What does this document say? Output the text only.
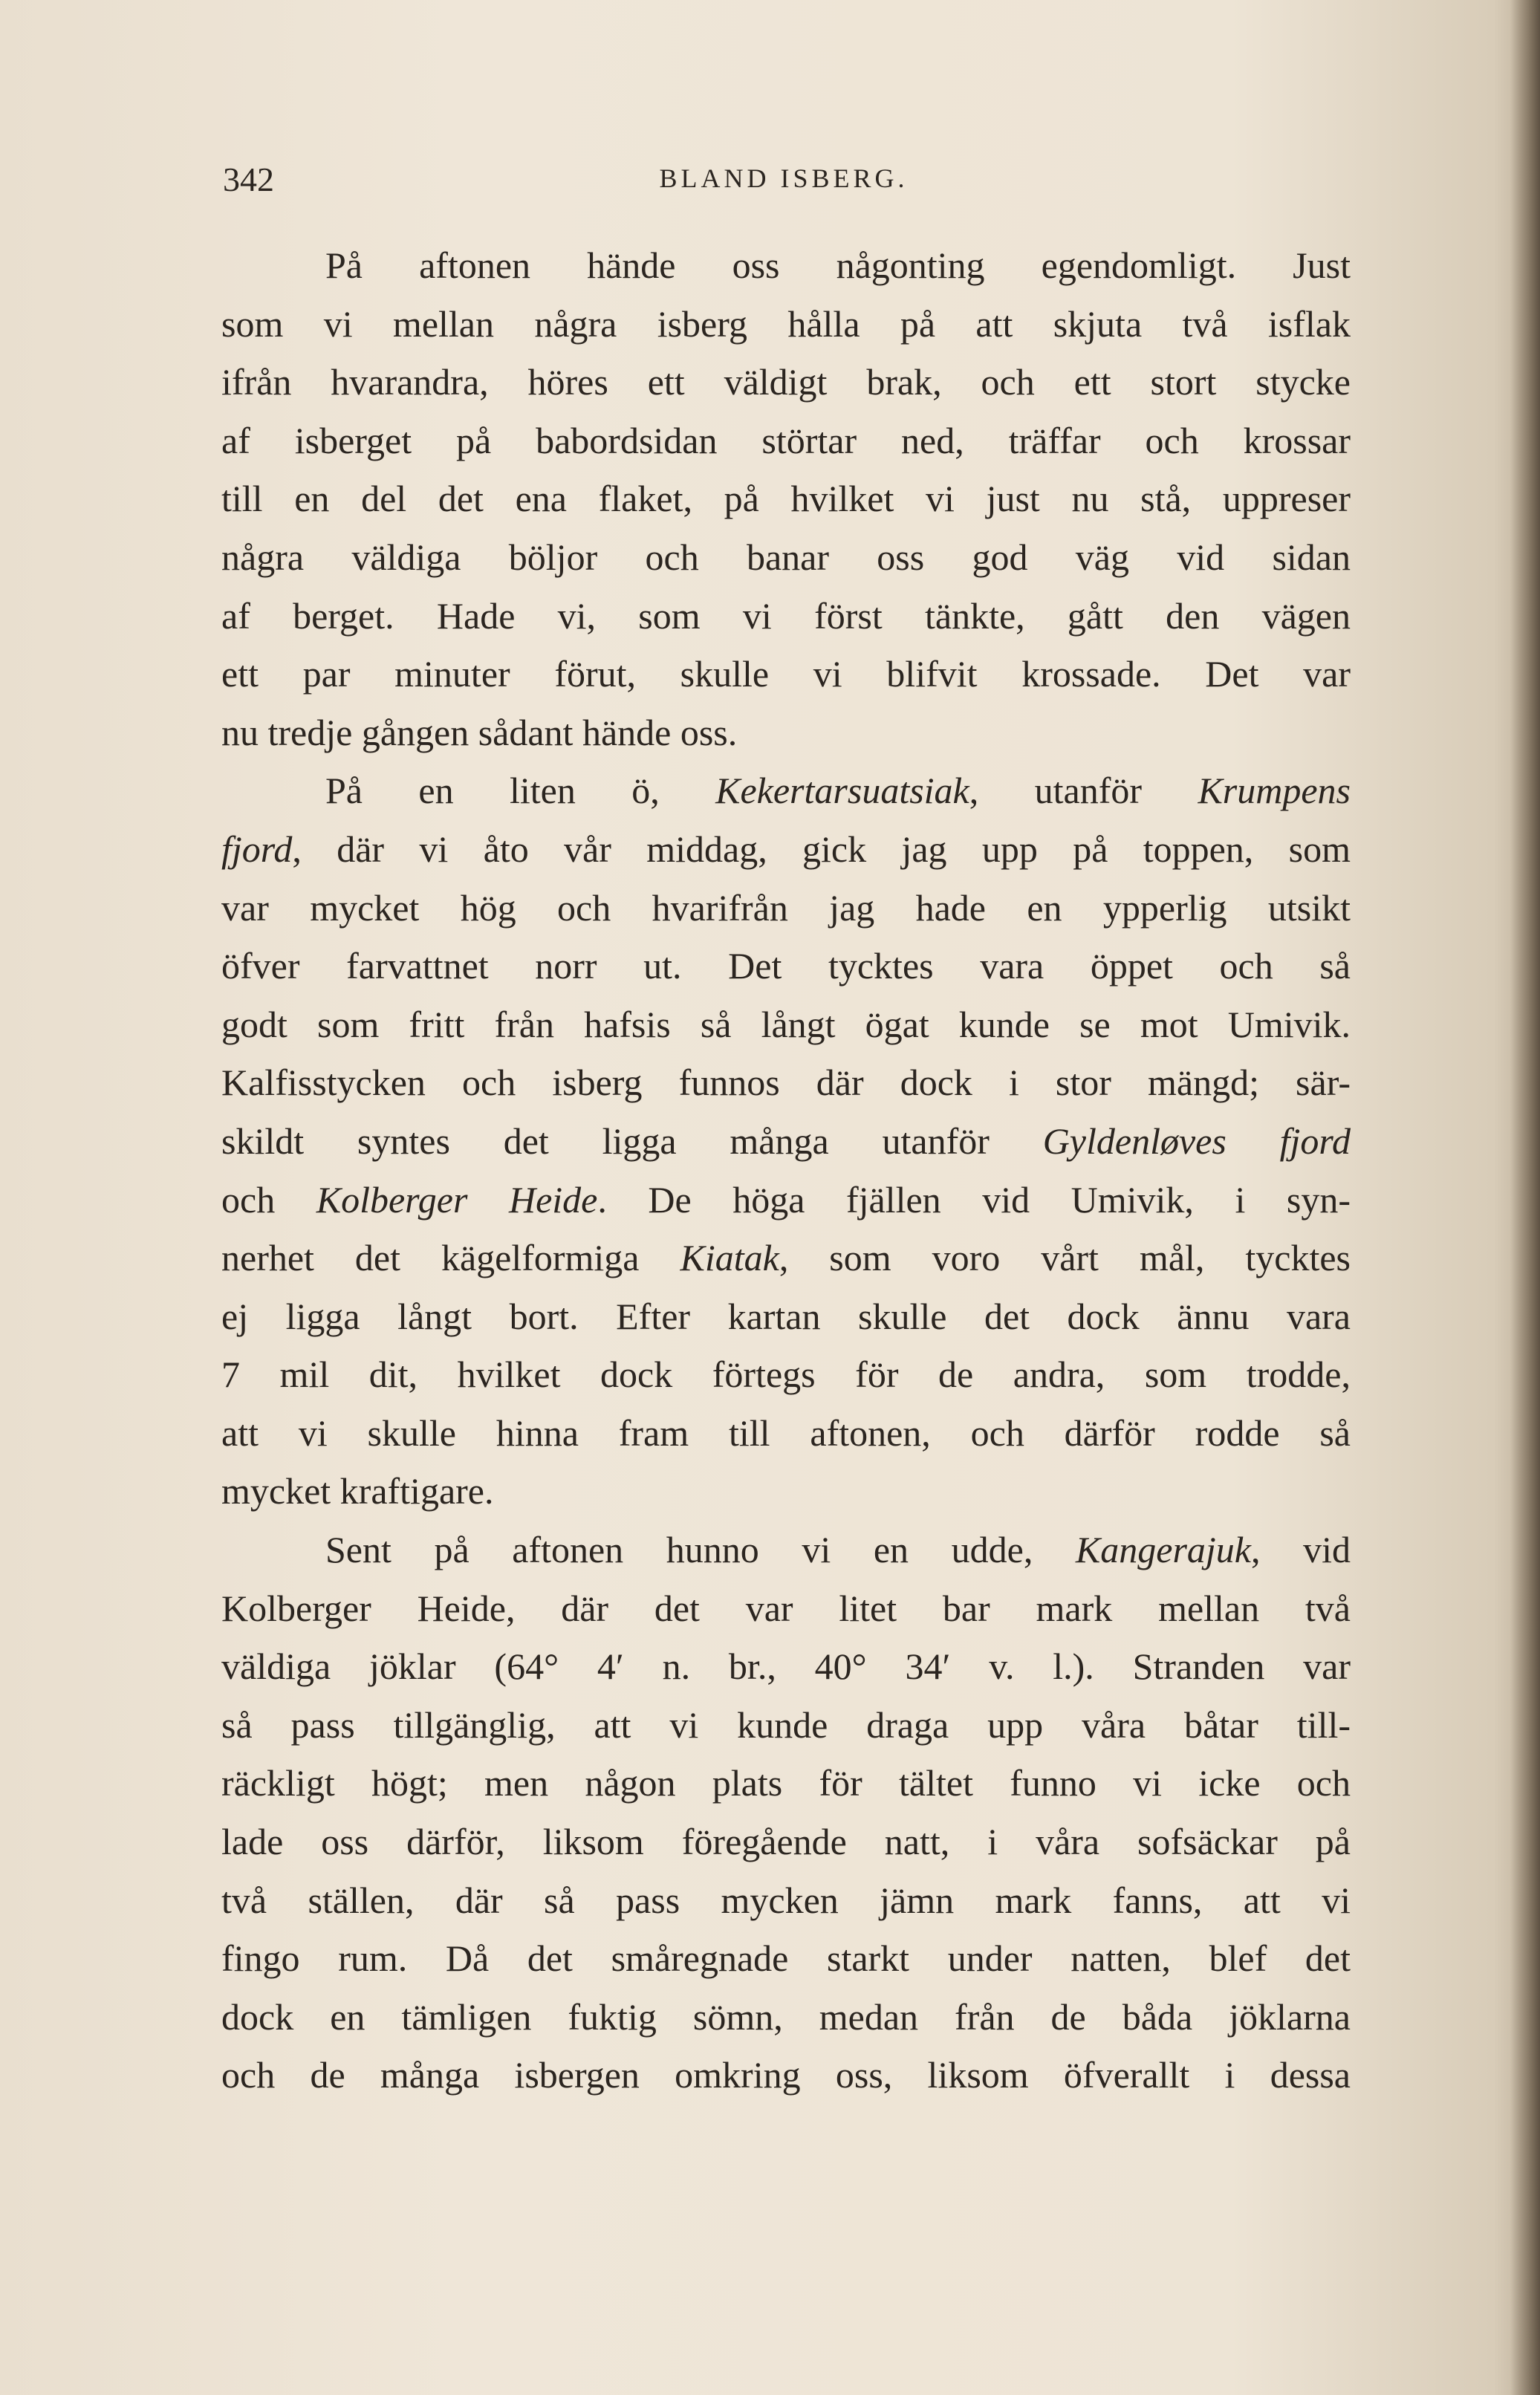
342	BLAND ISBERG.
På aftonen hände oss någonting egendomligt. Just
som vi mellan några isberg hålla på att skjuta två isflak
ifrån hvarandra, höres ett väldigt brak, och ett stort stycke
af isberget på babordsidan störtar ned, träffar och krossar
till en del det ena flaket, på hvilket vi just nu stå, uppreser
några väldiga böljor och banar oss god väg vid sidan
af berget. Hade vi, som vi först tänkte, gått den vägen
ett par minuter förut, skulle vi blifvit krossade. Det var
nu tredje gången sådant hände oss.
På en liten ö, Kekertarsuatsiak, utanför Krumpens
fjord, där vi åto vår middag, gick jag upp på toppen, som
var mycket hög och hvarifrån jag hade en ypperlig utsikt
öfver farvattnet norr ut. Det tycktes vara öppet och så
godt som fritt från hafsis så långt ögat kunde se mot Umivik.
Kalfisstycken och isberg funnos där dock i stor mängd; sär-
skildt syntes det ligga många utanför Gyldenløves fjord
och Kolberger Heide. De höga fjällen vid Umivik, i syn-
nerhet det kägelformiga Kiatak, som voro vårt mål, tycktes
ej ligga långt bort. Efter kartan skulle det dock ännu vara
7 mil dit, hvilket dock förtegs för de andra, som trodde,
att vi skulle hinna fram till aftonen, och därför rodde så
mycket kraftigare.
Sent på aftonen hunno vi en udde, Kangerajuk, vid
Kolberger Heide, där det var litet bar mark mellan två
väldiga jöklar (64° 4′ n. br., 40° 34′ v. l.). Stranden var
så pass tillgänglig, att vi kunde draga upp våra båtar till-
räckligt högt; men någon plats för tältet funno vi icke och
lade oss därför, liksom föregående natt, i våra sofsäckar på
två ställen, där så pass mycken jämn mark fanns, att vi
fingo rum. Då det småregnade starkt under natten, blef det
dock en tämligen fuktig sömn, medan från de båda jöklarna
och de många isbergen omkring oss, liksom öfverallt i dessa
